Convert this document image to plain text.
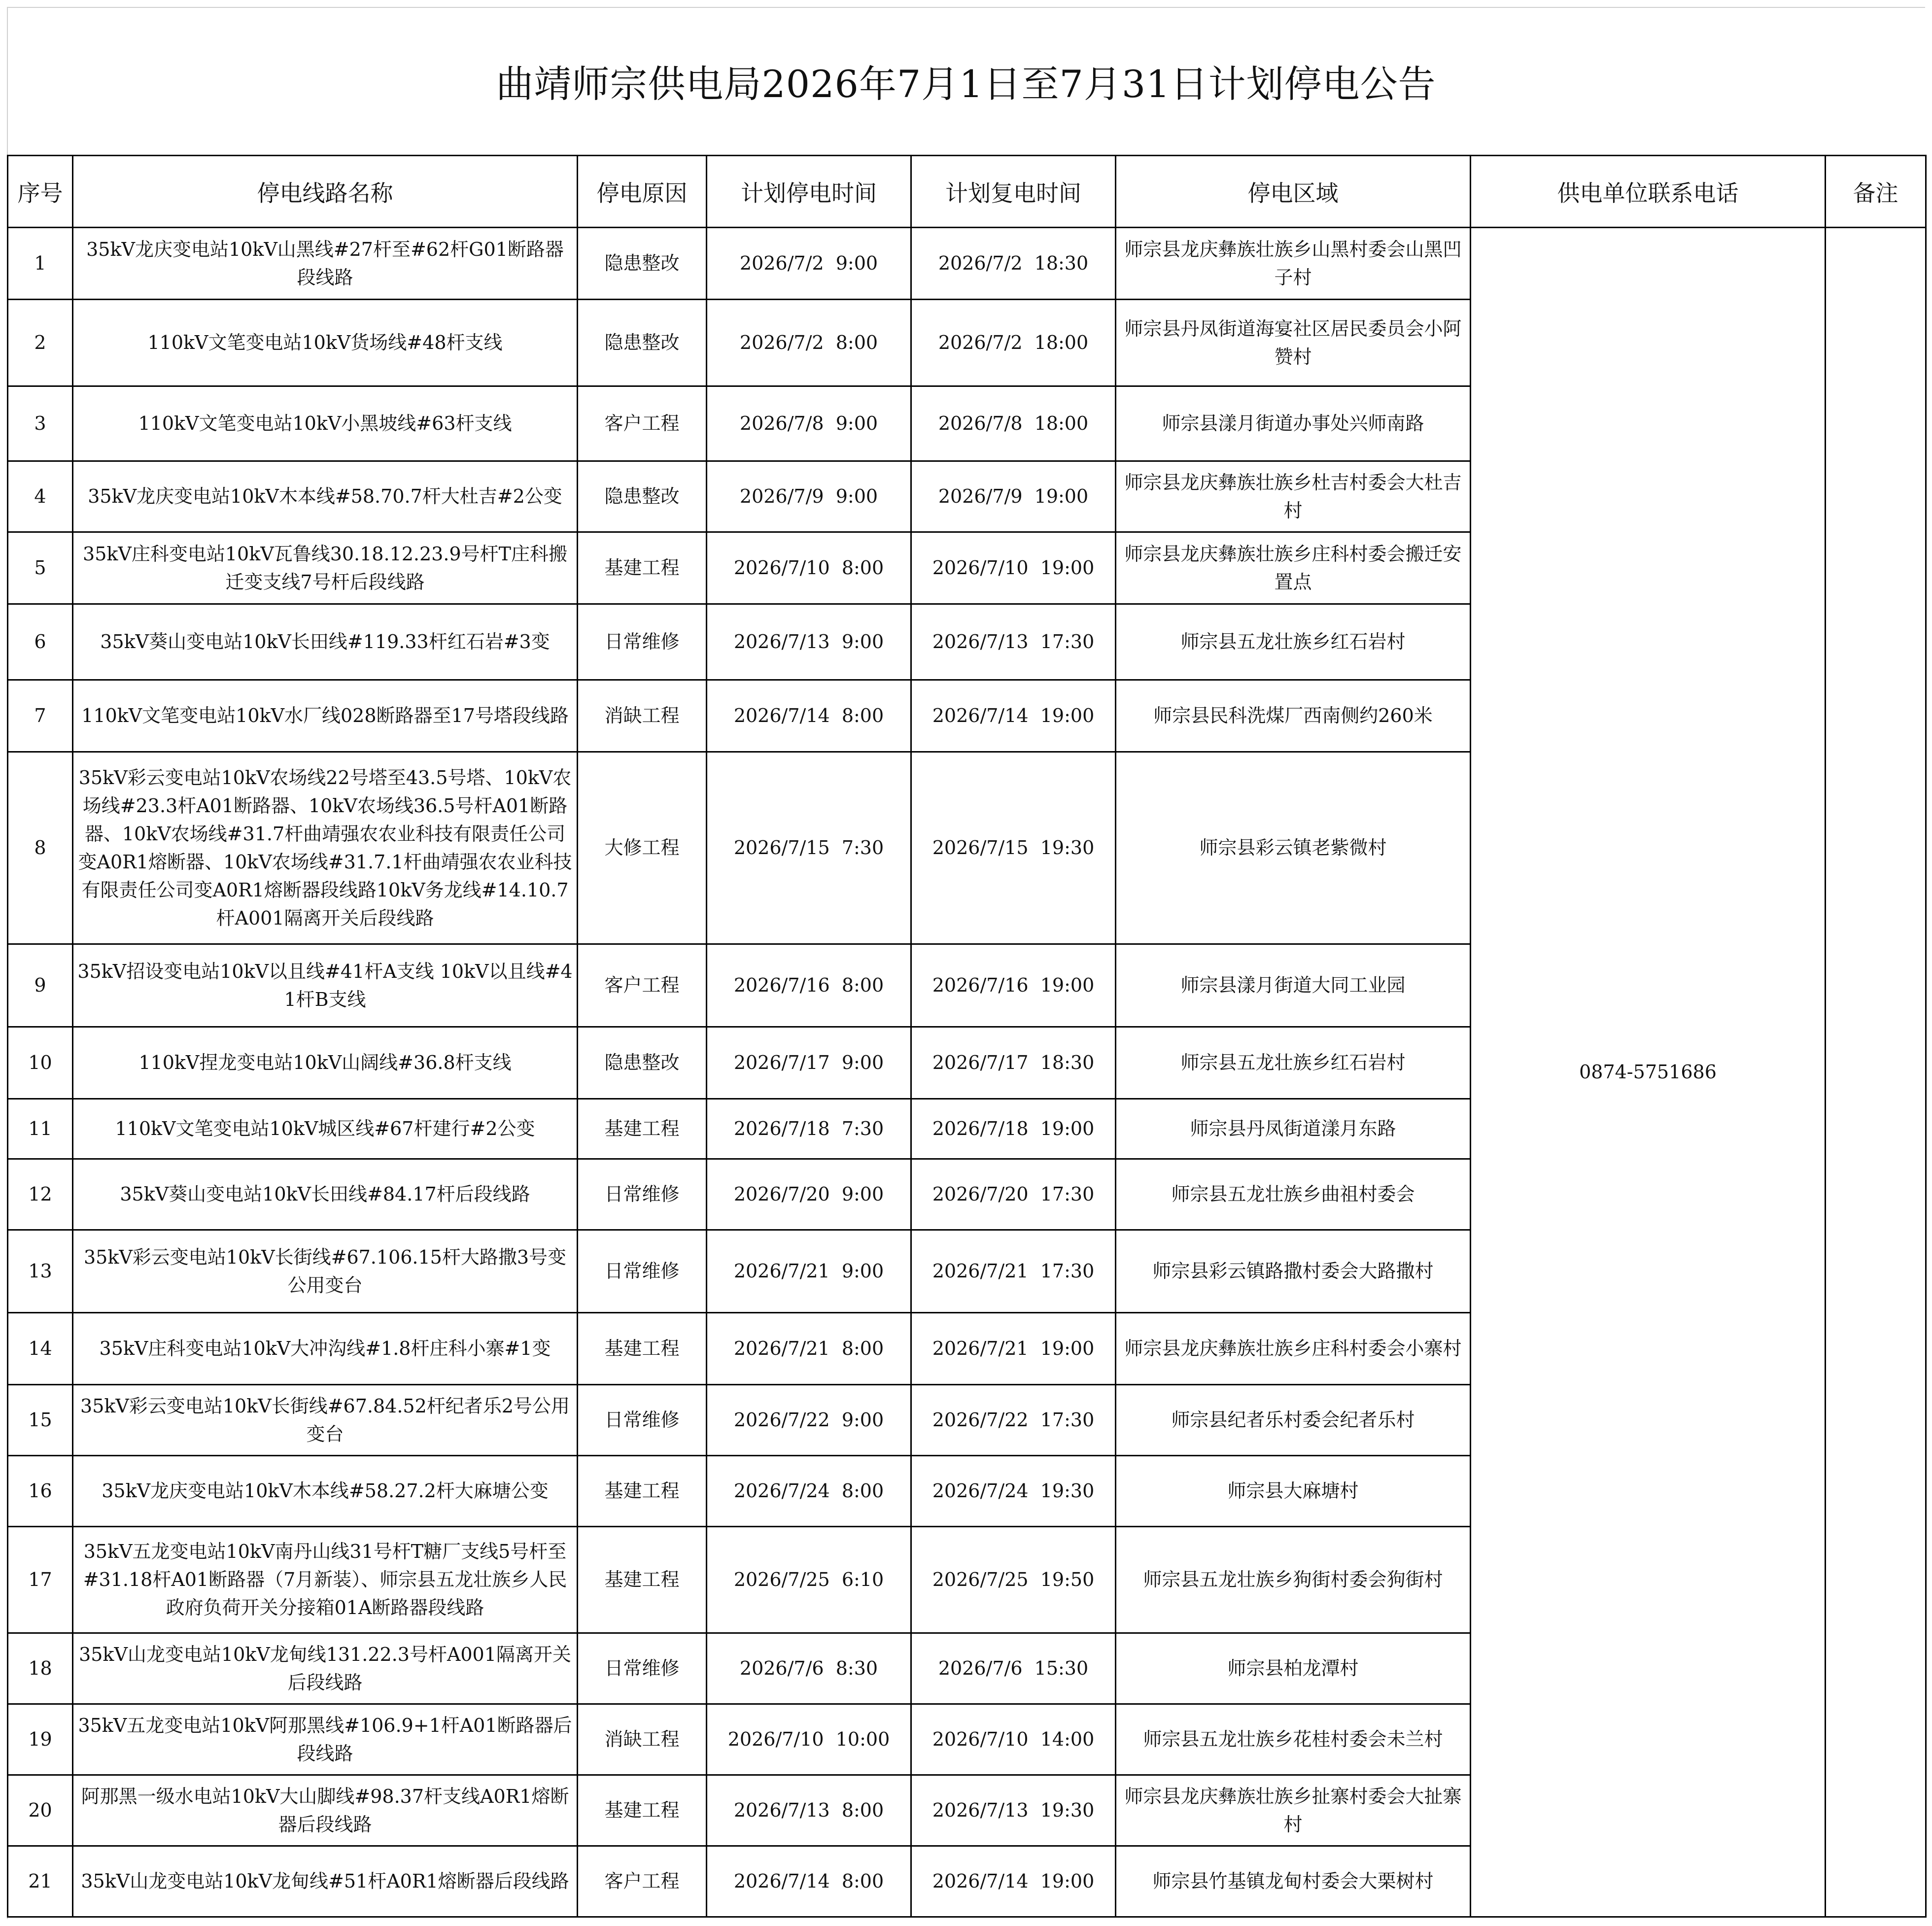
曲靖师宗供电局2026年7月1日至7月31日计划停电公告
序号	停电线路名称	停电原因	计划停电时间	计划复电时间	停电区域	供电单位联系电话	备注
1	35kV龙庆变电站10kV山黑线#27杆至#62杆G01断路器段线路	隐患整改	2026/7/2  9:00	2026/7/2  18:30	师宗县龙庆彝族壮族乡山黑村委会山黑凹子村	0874-5751686	
2	110kV文笔变电站10kV货场线#48杆支线	隐患整改	2026/7/2  8:00	2026/7/2  18:00	师宗县丹凤街道海宴社区居民委员会小阿赞村		
3	110kV文笔变电站10kV小黑坡线#63杆支线	客户工程	2026/7/8  9:00	2026/7/8  18:00	师宗县漾月街道办事处兴师南路		
4	35kV龙庆变电站10kV木本线#58.70.7杆大杜吉#2公变	隐患整改	2026/7/9  9:00	2026/7/9  19:00	师宗县龙庆彝族壮族乡杜吉村委会大杜吉村		
5	35kV庄科变电站10kV瓦鲁线30.18.12.23.9号杆T庄科搬迁变支线7号杆后段线路	基建工程	2026/7/10  8:00	2026/7/10  19:00	师宗县龙庆彝族壮族乡庄科村委会搬迁安置点		
6	35kV葵山变电站10kV长田线#119.33杆红石岩#3变	日常维修	2026/7/13  9:00	2026/7/13  17:30	师宗县五龙壮族乡红石岩村		
7	110kV文笔变电站10kV水厂线028断路器至17号塔段线路	消缺工程	2026/7/14  8:00	2026/7/14  19:00	师宗县民科洗煤厂西南侧约260米		
8	35kV彩云变电站10kV农场线22号塔至43.5号塔、10kV农场线#23.3杆A01断路器、10kV农场线36.5号杆A01断路器、10kV农场线#31.7杆曲靖强农农业科技有限责任公司变A0R1熔断器、10kV农场线#31.7.1杆曲靖强农农业科技有限责任公司变A0R1熔断器段线路10kV务龙线#14.10.7杆A001隔离开关后段线路	大修工程	2026/7/15  7:30	2026/7/15  19:30	师宗县彩云镇老紫微村		
9	35kV招设变电站10kV以且线#41杆A支线 10kV以且线#41杆B支线	客户工程	2026/7/16  8:00	2026/7/16  19:00	师宗县漾月街道大同工业园		
10	110kV捏龙变电站10kV山阔线#36.8杆支线	隐患整改	2026/7/17  9:00	2026/7/17  18:30	师宗县五龙壮族乡红石岩村		
11	110kV文笔变电站10kV城区线#67杆建行#2公变	基建工程	2026/7/18  7:30	2026/7/18  19:00	师宗县丹凤街道漾月东路		
12	35kV葵山变电站10kV长田线#84.17杆后段线路	日常维修	2026/7/20  9:00	2026/7/20  17:30	师宗县五龙壮族乡曲祖村委会		
13	35kV彩云变电站10kV长街线#67.106.15杆大路撒3号变公用变台	日常维修	2026/7/21  9:00	2026/7/21  17:30	师宗县彩云镇路撒村委会大路撒村		
14	35kV庄科变电站10kV大冲沟线#1.8杆庄科小寨#1变	基建工程	2026/7/21  8:00	2026/7/21  19:00	师宗县龙庆彝族壮族乡庄科村委会小寨村		
15	35kV彩云变电站10kV长街线#67.84.52杆纪者乐2号公用变台	日常维修	2026/7/22  9:00	2026/7/22  17:30	师宗县纪者乐村委会纪者乐村		
16	35kV龙庆变电站10kV木本线#58.27.2杆大麻塘公变	基建工程	2026/7/24  8:00	2026/7/24  19:30	师宗县大麻塘村		
17	35kV五龙变电站10kV南丹山线31号杆T糖厂支线5号杆至#31.18杆A01断路器（7月新装）、师宗县五龙壮族乡人民政府负荷开关分接箱01A断路器段线路	基建工程	2026/7/25  6:10	2026/7/25  19:50	师宗县五龙壮族乡狗街村委会狗街村		
18	35kV山龙变电站10kV龙甸线131.22.3号杆A001隔离开关后段线路	日常维修	2026/7/6  8:30	2026/7/6  15:30	师宗县柏龙潭村		
19	35kV五龙变电站10kV阿那黑线#106.9+1杆A01断路器后段线路	消缺工程	2026/7/10  10:00	2026/7/10  14:00	师宗县五龙壮族乡花桂村委会未兰村		
20	阿那黑一级水电站10kV大山脚线#98.37杆支线A0R1熔断器后段线路	基建工程	2026/7/13  8:00	2026/7/13  19:30	师宗县龙庆彝族壮族乡扯寨村委会大扯寨村		
21	35kV山龙变电站10kV龙甸线#51杆A0R1熔断器后段线路	客户工程	2026/7/14  8:00	2026/7/14  19:00	师宗县竹基镇龙甸村委会大栗树村		
